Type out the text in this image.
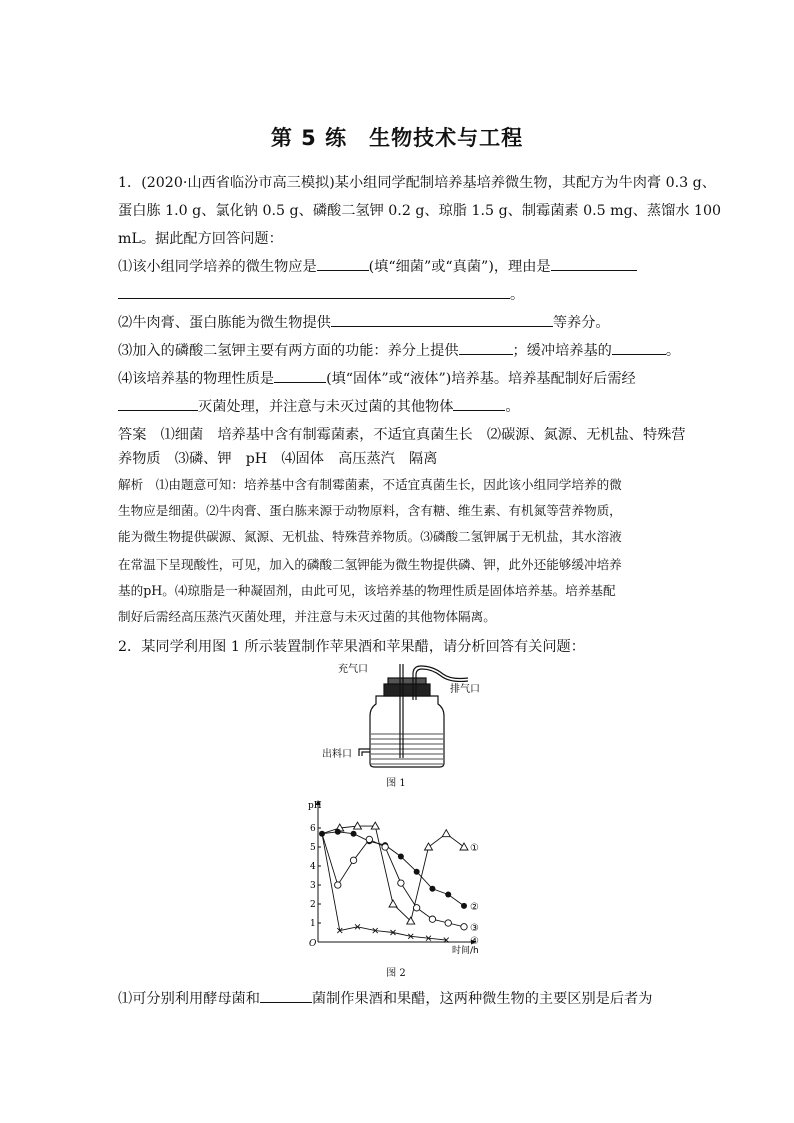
第 5 练　生物技术与工程
1．(2020·山西省临汾市高三模拟)某小组同学配制培养基培养微生物，其配方为牛肉膏 0.3 g、
蛋白胨 1.0 g、氯化钠 0.5 g、磷酸二氢钾 0.2 g、琼脂 1.5 g、制霉菌素 0.5 mg、蒸馏水 100
mL。据此配方回答问题：
⑴该小组同学培养的微生物应是	(填“细菌”或“真菌”)，理由是
。
⑵牛肉膏、蛋白胨能为微生物提供	等养分。
⑶加入的磷酸二氢钾主要有两方面的功能：养分上提供	；缓冲培养基的	。
⑷该培养基的物理性质是	(填“固体”或“液体”)培养基。培养基配制好后需经
灭菌处理，并注意与未灭过菌的其他物体	。
答案　⑴细菌　培养基中含有制霉菌素，不适宜真菌生长　⑵碳源、氮源、无机盐、特殊营
养物质　⑶磷、钾　pH　⑷固体　高压蒸汽　隔离
解析　⑴由题意可知：培养基中含有制霉菌素，不适宜真菌生长，因此该小组同学培养的微
生物应是细菌。⑵牛肉膏、蛋白胨来源于动物原料，含有糖、维生素、有机氮等营养物质，
能为微生物提供碳源、氮源、无机盐、特殊营养物质。⑶磷酸二氢钾属于无机盐，其水溶液
在常温下呈现酸性，可见，加入的磷酸二氢钾能为微生物提供磷、钾，此外还能够缓冲培养
基的pH。⑷琼脂是一种凝固剂，由此可见，该培养基的物理性质是固体培养基。培养基配
制好后需经高压蒸汽灭菌处理，并注意与未灭过菌的其他物体隔离。
2．某同学利用图 1 所示装置制作苹果酒和苹果醋，请分析回答有关问题：
充气口
排气口
出料口
图 1
pH
时间/h
O
1
2
3
4
5
6
①
②
③
④
图 2
⑴可分别利用酵母菌和	菌制作果酒和果醋，这两种微生物的主要区别是后者为
